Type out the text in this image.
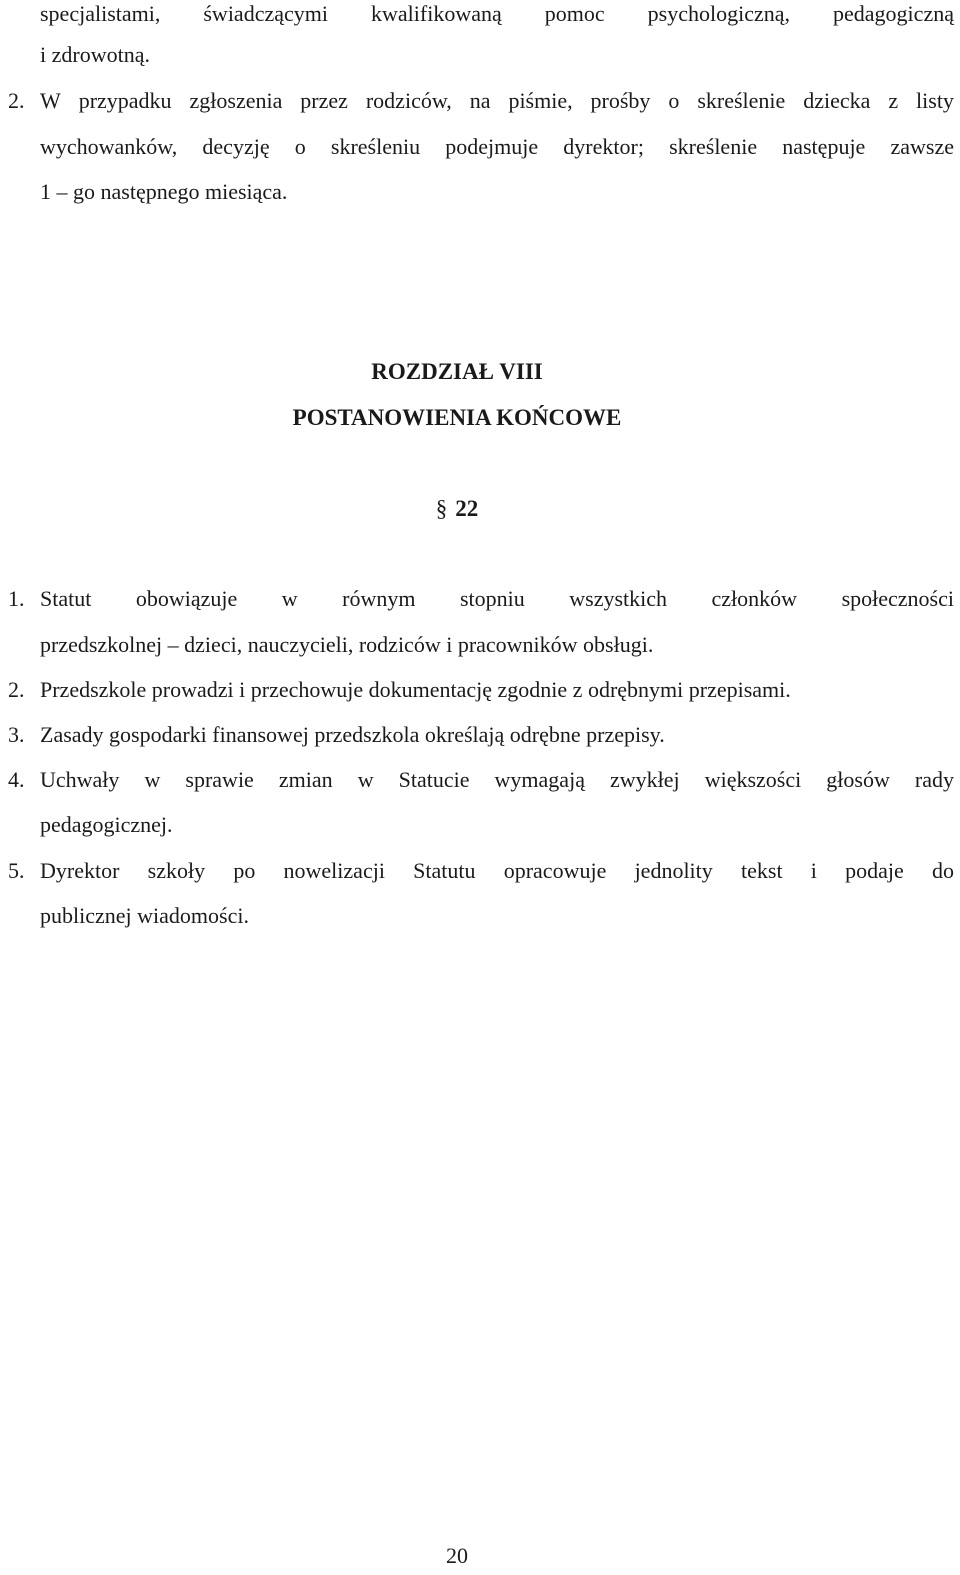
specjalistami, świadczącymi kwalifikowaną pomoc psychologiczną, pedagogiczną
i zdrowotną.
2. W przypadku zgłoszenia przez rodziców, na piśmie, prośby o skreślenie dziecka z listy
wychowanków, decyzję o skreśleniu podejmuje dyrektor; skreślenie następuje zawsze
1 – go następnego miesiąca.
ROZDZIAŁ VIII
POSTANOWIENIA KOŃCOWE
§ 22
1. Statut obowiązuje w równym stopniu wszystkich członków społeczności
przedszkolnej – dzieci, nauczycieli, rodziców i pracowników obsługi.
2. Przedszkole prowadzi i przechowuje dokumentację zgodnie z odrębnymi przepisami.
3. Zasady gospodarki finansowej przedszkola określają odrębne przepisy.
4. Uchwały w sprawie zmian w Statucie wymagają zwykłej większości głosów rady
pedagogicznej.
5. Dyrektor szkoły po nowelizacji Statutu opracowuje jednolity tekst i podaje do
publicznej wiadomości.
20
